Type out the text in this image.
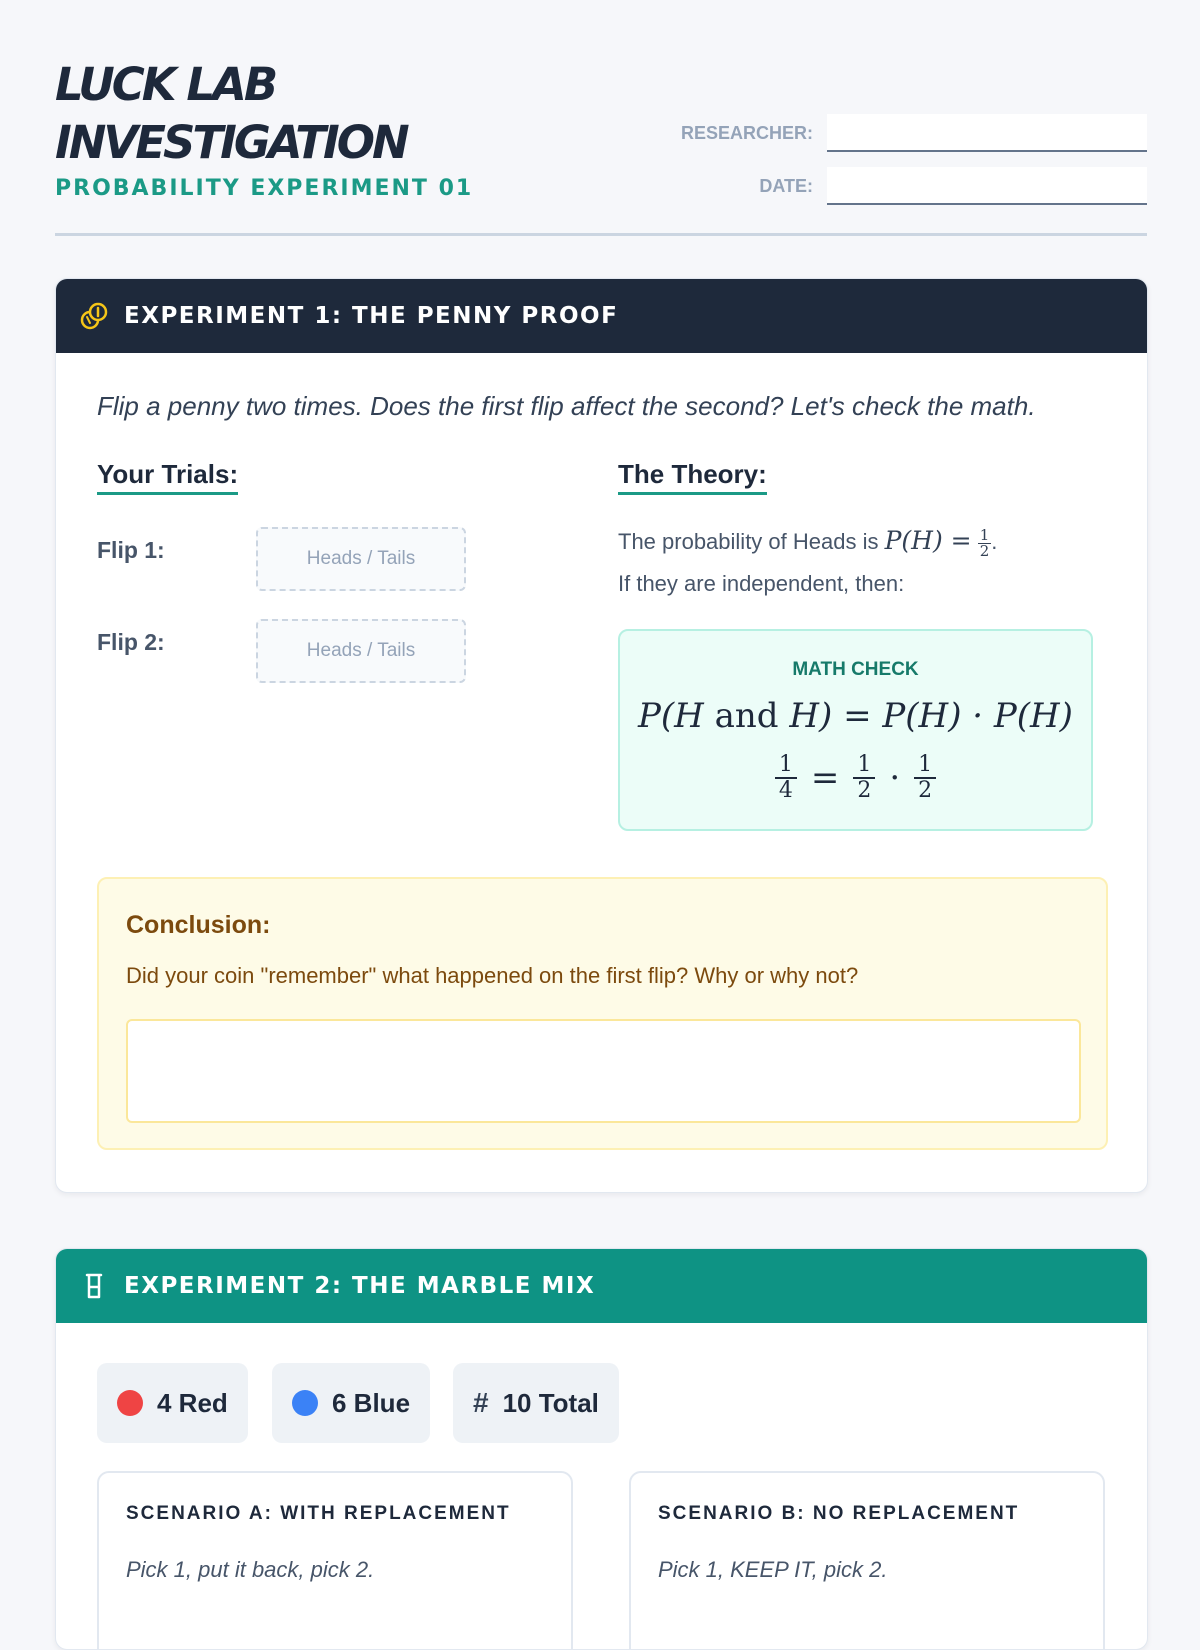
LUCK LAB
INVESTIGATION
PROBABILITY EXPERIMENT 01
RESEARCHER:
DATE:
EXPERIMENT 1: THE PENNY PROOF
Flip a penny two times. Does the first flip affect the second? Let's check the math.
Your Trials:	The Theory:
Flip 1:	Heads / Tails
Flip 2:	Heads / Tails
The probability of Heads is $P(H) = \frac{1}{2}$ .
If they are independent, then:
MATH CHECK
P(H and H) = P(H) · P(H)
$\frac{1}{4} = \frac{1}{2} \cdot \frac{1}{2}$
Conclusion:
Did your coin "remember" what happened on the first flip? Why or why not?
EXPERIMENT 2: THE MARBLE MIX
4 Red	6 Blue # 10 Total
SCENARIO A: WITH REPLACEMENT
Pick 1, put it back, pick 2.
SCENARIO B: NO REPLACEMENT
Pick 1, KEEP IT, pick 2.
